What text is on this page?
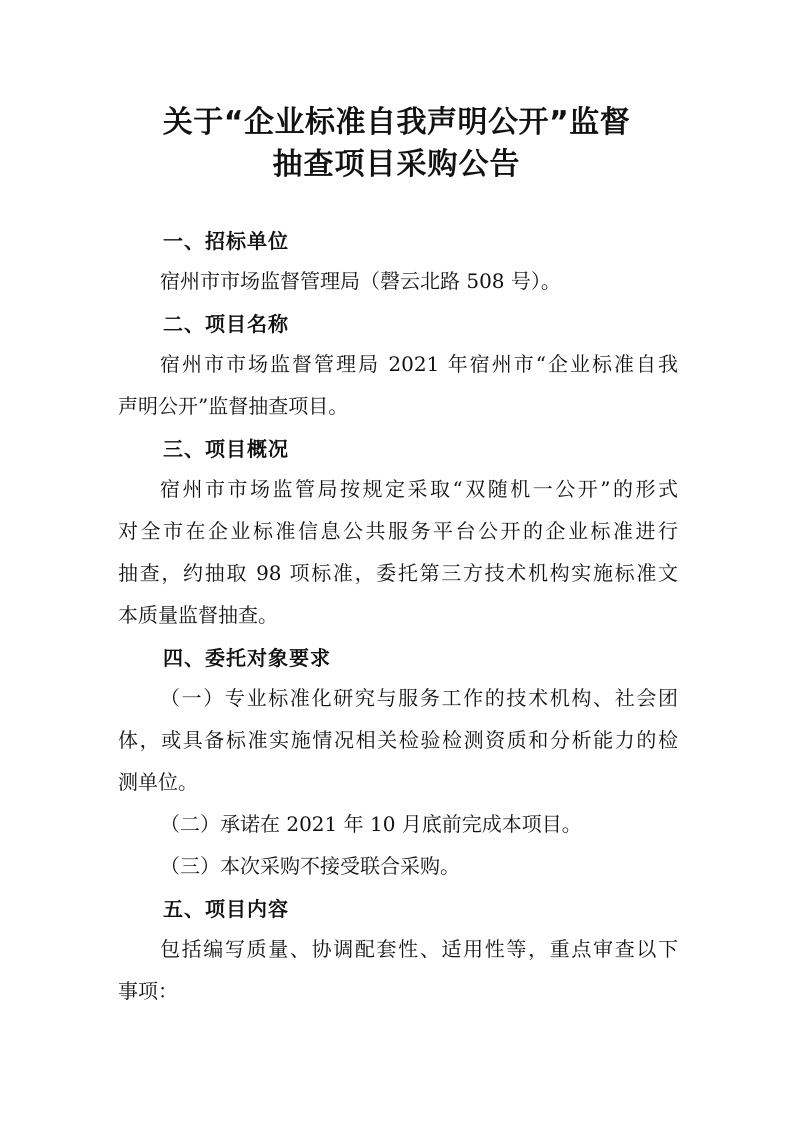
关于“企业标准自我声明公开”监督
抽查项目采购公告
一、招标单位
宿州市市场监督管理局（磬云北路 508 号）。
二、项目名称
宿州市市场监督管理局 2021 年宿州市“企业标准自我
声明公开”监督抽查项目。
三、项目概况
宿州市市场监管局按规定采取“双随机一公开”的形式
对全市在企业标准信息公共服务平台公开的企业标准进行
抽查，约抽取 98 项标准，委托第三方技术机构实施标准文
本质量监督抽查。
四、委托对象要求
（一）专业标准化研究与服务工作的技术机构、社会团
体，或具备标准实施情况相关检验检测资质和分析能力的检
测单位。
（二）承诺在 2021 年 10 月底前完成本项目。
（三）本次采购不接受联合采购。
五、项目内容
包括编写质量、协调配套性、适用性等，重点审查以下
事项：
